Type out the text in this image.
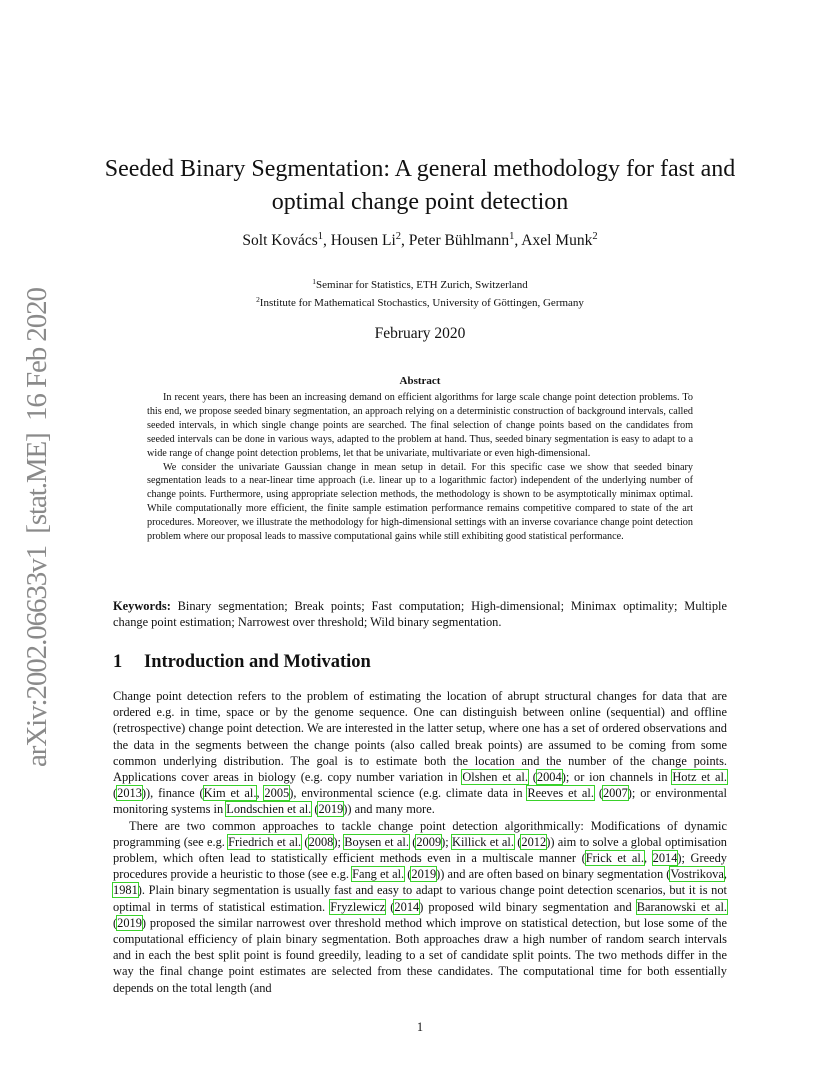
arXiv:2002.06633v1  [stat.ME]  16 Feb 2020
Seeded Binary Segmentation: A general methodology for fast and optimal change point detection
Solt Kovács$^1$, Housen Li$^2$, Peter Bühlmann$^1$, Axel Munk$^2$
$^1$Seminar for Statistics, ETH Zurich, Switzerland
$^2$Institute for Mathematical Stochastics, University of Göttingen, Germany
February 2020
Abstract

In recent years, there has been an increasing demand on efficient algorithms for large scale change point detection problems. To this end, we propose seeded binary segmentation, an approach relying on a deterministic construction of background intervals, called seeded intervals, in which single change points are searched. The final selection of change points based on the candidates from seeded intervals can be done in various ways, adapted to the problem at hand. Thus, seeded binary segmentation is easy to adapt to a wide range of change point detection problems, let that be univariate, multivariate or even high-dimensional.

We consider the univariate Gaussian change in mean setup in detail. For this specific case we show that seeded binary segmentation leads to a near-linear time approach (i.e. linear up to a logarithmic factor) independent of the underlying number of change points. Furthermore, using appropriate selection methods, the methodology is shown to be asymptotically minimax optimal. While computationally more efficient, the finite sample estimation performance remains competitive compared to state of the art procedures. Moreover, we illustrate the methodology for high-dimensional settings with an inverse covariance change point detection problem where our proposal leads to massive computational gains while still exhibiting good statistical performance.

Keywords: Binary segmentation; Break points; Fast computation; High-dimensional; Minimax optimality; Multiple change point estimation; Narrowest over threshold; Wild binary segmentation.
1 Introduction and Motivation

Change point detection refers to the problem of estimating the location of abrupt structural changes for data that are ordered e.g. in time, space or by the genome sequence. One can distinguish between online (sequential) and offline (retrospective) change point detection. We are interested in the latter setup, where one has a set of ordered observations and the data in the segments between the change points (also called break points) are assumed to be coming from some common underlying distribution. The goal is to estimate both the location and the number of the change points. Applications cover areas in biology (e.g. copy number variation in Olshen et al. (2004); or ion channels in Hotz et al. (2013)), finance (Kim et al., 2005), environmental science (e.g. climate data in Reeves et al. (2007); or environmental monitoring systems in Londschien et al. (2019)) and many more.

There are two common approaches to tackle change point detection algorithmically: Modifications of dynamic programming (see e.g. Friedrich et al. (2008); Boysen et al. (2009); Killick et al. (2012)) aim to solve a global optimisation problem, which often lead to statistically efficient methods even in a multiscale manner (Frick et al., 2014); Greedy procedures provide a heuristic to those (see e.g. Fang et al. (2019)) and are often based on binary segmentation (Vostrikova, 1981). Plain binary segmentation is usually fast and easy to adapt to various change point detection scenarios, but it is not optimal in terms of statistical estimation. Fryzlewicz (2014) proposed wild binary segmentation and Baranowski et al. (2019) proposed the similar narrowest over threshold method which improve on statistical detection, but lose some of the computational efficiency of plain binary segmentation. Both approaches draw a high number of random search intervals and in each the best split point is found greedily, leading to a set of candidate split points. The two methods differ in the way the final change point estimates are selected from these candidates. The computational time for both essentially depends on the total length (and

1
